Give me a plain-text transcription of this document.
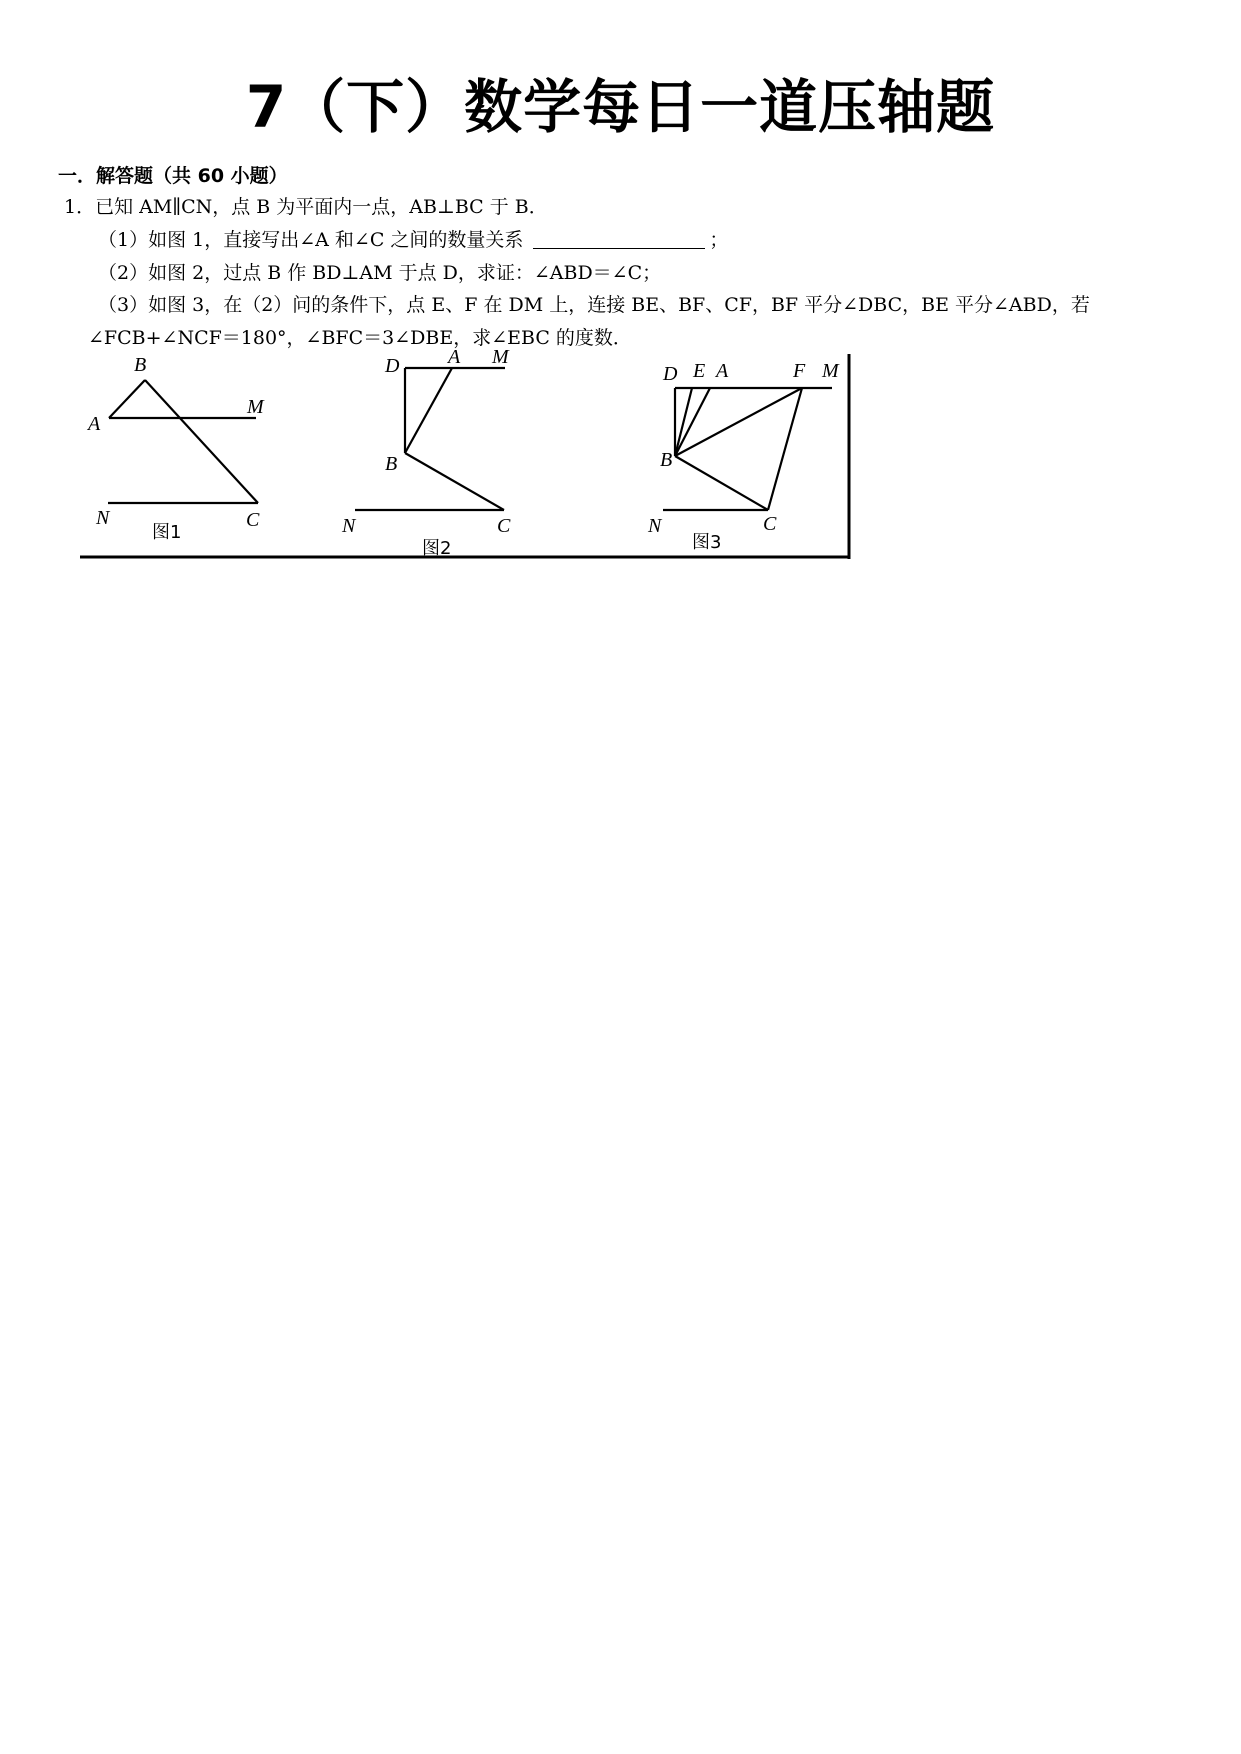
7（下）数学每日一道压轴题
一．解答题（共 60 小题）
1．已知 AM∥CN，点 B 为平面内一点，AB⊥BC 于 B．
（1）如图 1，直接写出∠A 和∠C 之间的数量关系	；
（2）如图 2，过点 B 作 BD⊥AM 于点 D，求证：∠ABD＝∠C；
（3）如图 3，在（2）问的条件下，点 E、F 在 DM 上，连接 BE、BF、CF，BF 平分∠DBC，BE 平分∠ABD，若
∠FCB+∠NCF＝180°，∠BFC＝3∠DBE，求∠EBC 的度数．
B
A
M
N	C
图1
D A M
B
N	C
图2
D E A	F M
B
N	C
图3
